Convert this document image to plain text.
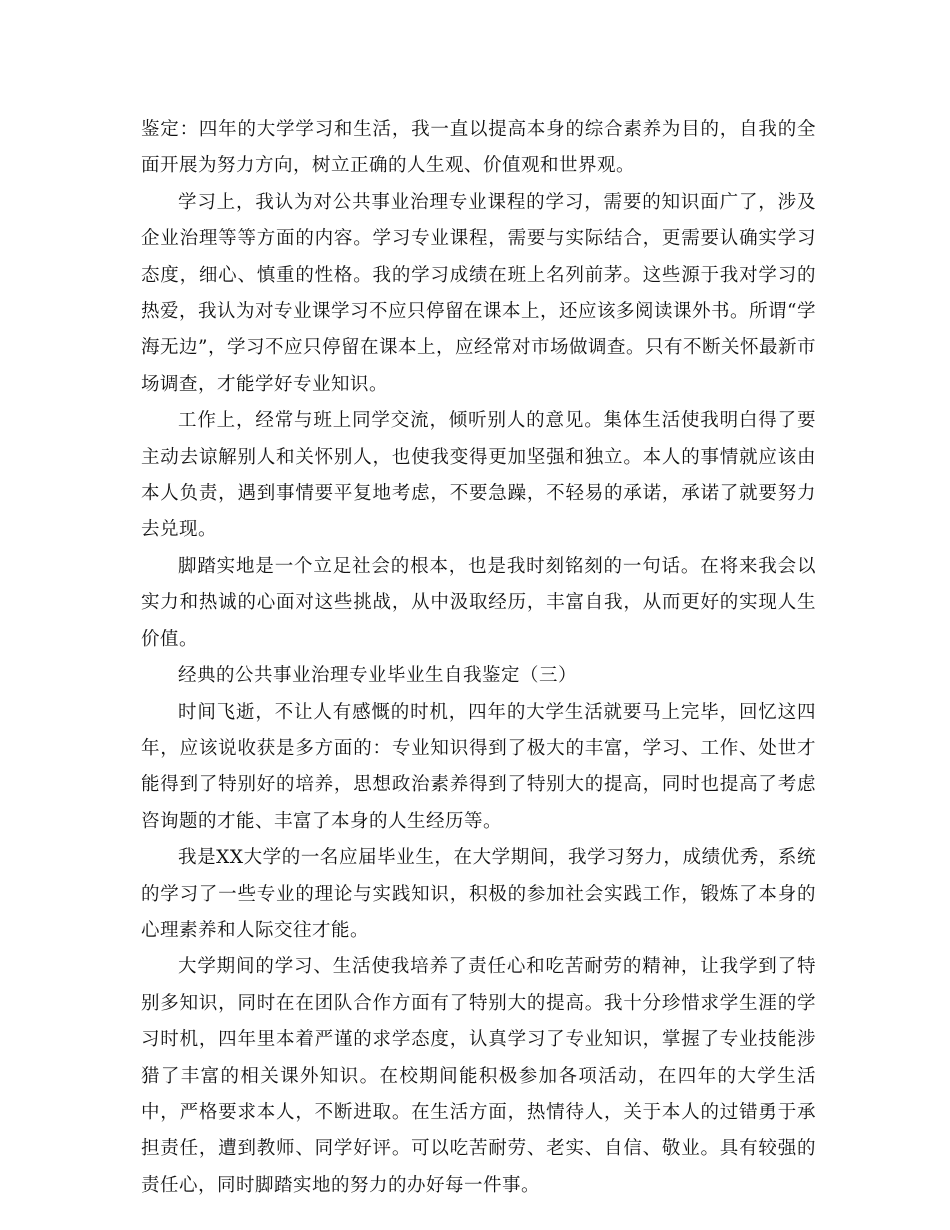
鉴定：四年的大学学习和生活，我一直以提高本身的综合素养为目的，自我的全面开展为努力方向，树立正确的人生观、价值观和世界观。

学习上，我认为对公共事业治理专业课程的学习，需要的知识面广了，涉及企业治理等等方面的内容。学习专业课程，需要与实际结合，更需要认确实学习态度，细心、慎重的性格。我的学习成绩在班上名列前茅。这些源于我对学习的热爱，我认为对专业课学习不应只停留在课本上，还应该多阅读课外书。所谓“学海无边”，学习不应只停留在课本上，应经常对市场做调查。只有不断关怀最新市场调查，才能学好专业知识。

工作上，经常与班上同学交流，倾听别人的意见。集体生活使我明白得了要主动去谅解别人和关怀别人，也使我变得更加坚强和独立。本人的事情就应该由本人负责，遇到事情要平复地考虑，不要急躁，不轻易的承诺，承诺了就要努力去兑现。

脚踏实地是一个立足社会的根本，也是我时刻铭刻的一句话。在将来我会以实力和热诚的心面对这些挑战，从中汲取经历，丰富自我，从而更好的实现人生价值。

经典的公共事业治理专业毕业生自我鉴定（三）

时间飞逝，不让人有感慨的时机，四年的大学生活就要马上完毕，回忆这四年，应该说收获是多方面的：专业知识得到了极大的丰富，学习、工作、处世才能得到了特别好的培养，思想政治素养得到了特别大的提高，同时也提高了考虑咨询题的才能、丰富了本身的人生经历等。

我是XX大学的一名应届毕业生，在大学期间，我学习努力，成绩优秀，系统的学习了一些专业的理论与实践知识，积极的参加社会实践工作，锻炼了本身的心理素养和人际交往才能。

大学期间的学习、生活使我培养了责任心和吃苦耐劳的精神，让我学到了特别多知识，同时在在团队合作方面有了特别大的提高。我十分珍惜求学生涯的学习时机，四年里本着严谨的求学态度，认真学习了专业知识，掌握了专业技能涉猎了丰富的相关课外知识。在校期间能积极参加各项活动，在四年的大学生活中，严格要求本人，不断进取。在生活方面，热情待人，关于本人的过错勇于承担责任，遭到教师、同学好评。可以吃苦耐劳、老实、自信、敬业。具有较强的责任心，同时脚踏实地的努力的办好每一件事。
